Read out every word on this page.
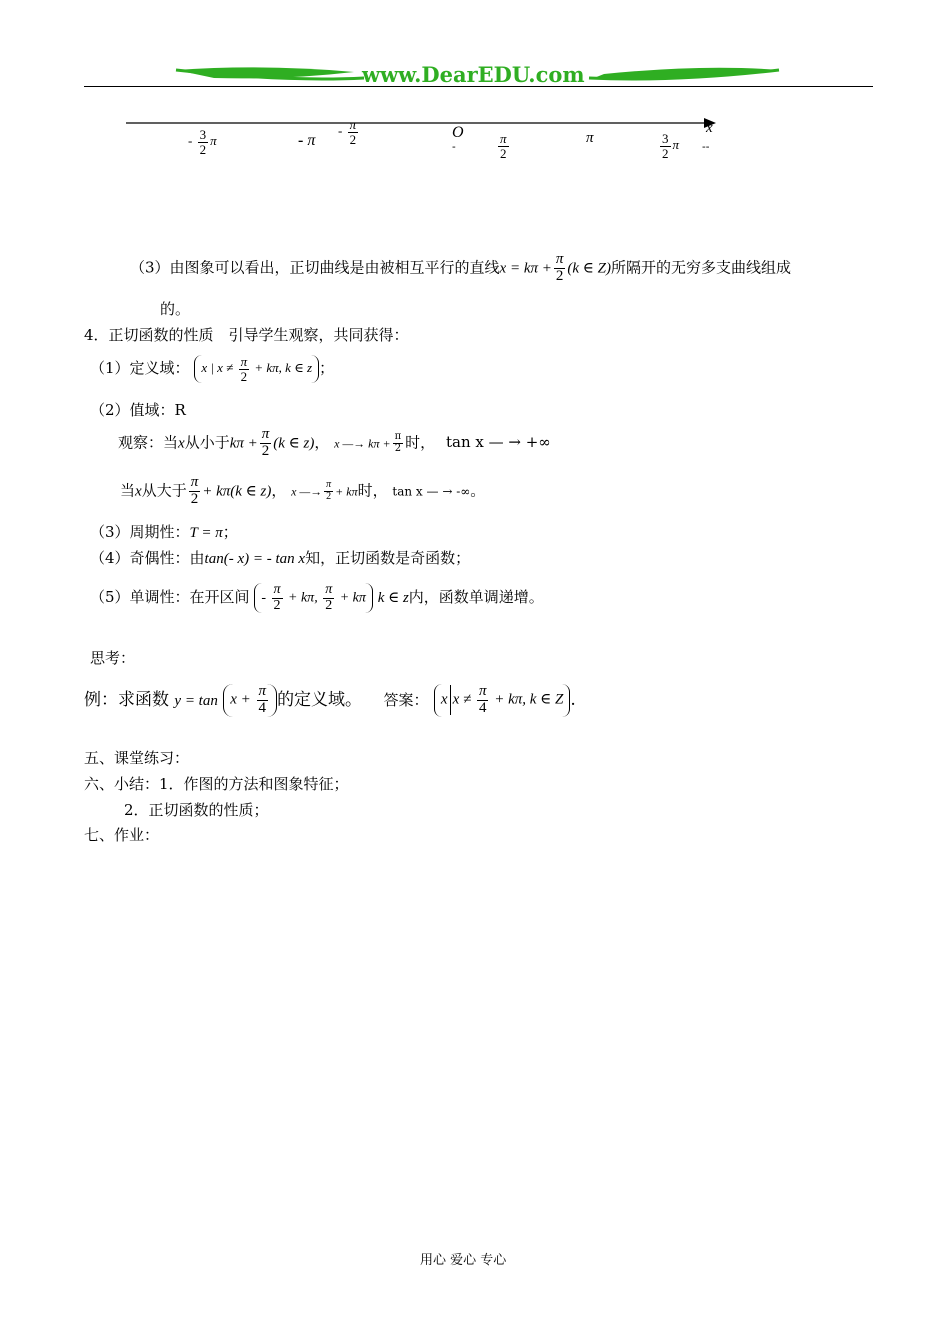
www.DearEDU.com
x
--
O
-
- $\frac{3}{2}$ π	- π
- $\frac{\pi}{2}$	$\frac{\pi}{2}$	π	$\frac{3}{2}$ π
（3）由图象可以看出，正切曲线是由被相互平行的直线$x = k\pi + \frac{\pi}{2} (k$ ∈ Z)所隔开的无穷多支曲线组成
的。
4．正切函数的性质　引导学生观察，共同获得：
（1）定义域： x | $x \ne \frac{\pi}{2} + k\pi$, k ∈ z ；
（2）值域：R
观察：当x从小于$k\pi + \frac{\pi}{2} (k$ ∈ z)， x —→ $k\pi + \frac{\pi}{2}$ 时， tan x — → +∞
当x从大于 $\frac{\pi}{2} + k\pi(k$ ∈ z)， x —→ $\frac{\pi}{2} + k\pi$时， tan x — → -∞。
（3）周期性：T = π；
（4）奇偶性：由tan(- x) = - tan x知，正切函数是奇函数；
（5）单调性：在开区间 - $\frac{\pi}{2} + k\pi$, $\frac{\pi}{2} + k\pi$ k ∈ z内，函数单调递增。
思考：
例：求函数 $y = \tan x + \frac{\pi}{4}$ 的定义域。 答案： x $x \ne \frac{\pi}{4} + k\pi$, k ∈ Z .
五、课堂练习：
六、小结：1．作图的方法和图象特征；
2．正切函数的性质；
七、作业：
用心 爱心 专心
